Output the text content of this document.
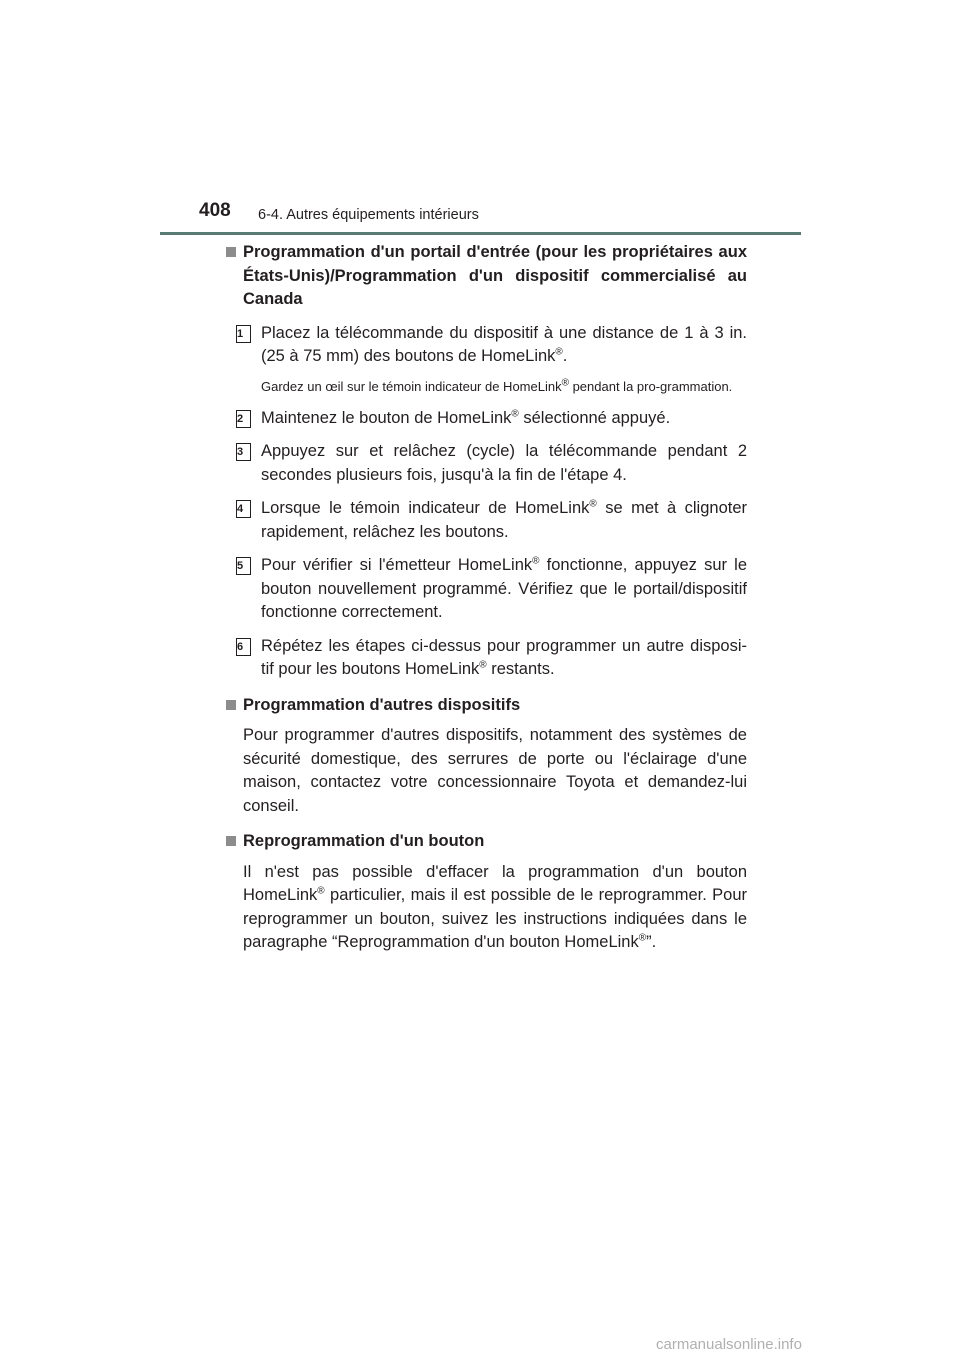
408 6-4. Autres équipements intérieurs
Programmation d'un portail d'entrée (pour les propriétaires aux États-Unis)/Programmation d'un dispositif commercialisé au Canada
1	Placez la télécommande du dispositif à une distance de 1 à 3 in. (25 à 75 mm) des boutons de HomeLink®.
Gardez un œil sur le témoin indicateur de HomeLink® pendant la pro-grammation.
2	Maintenez le bouton de HomeLink® sélectionné appuyé.
3	Appuyez sur et relâchez (cycle) la télécommande pendant 2 secondes plusieurs fois, jusqu'à la fin de l'étape 4.
4	Lorsque le témoin indicateur de HomeLink® se met à clignoter rapidement, relâchez les boutons.
5	Pour vérifier si l'émetteur HomeLink® fonctionne, appuyez sur le bouton nouvellement programmé. Vérifiez que le portail/dispositif fonctionne correctement.
6	Répétez les étapes ci-dessus pour programmer un autre disposi-tif pour les boutons HomeLink® restants.
Programmation d'autres dispositifs
Pour programmer d'autres dispositifs, notamment des systèmes de sécurité domestique, des serrures de porte ou l'éclairage d'une maison, contactez votre concessionnaire Toyota et demandez-lui conseil.
Reprogrammation d'un bouton
Il n'est pas possible d'effacer la programmation d'un bouton HomeLink® particulier, mais il est possible de le reprogrammer. Pour reprogrammer un bouton, suivez les instructions indiquées dans le paragraphe “Reprogrammation d'un bouton HomeLink®”.
carmanualsonline.info
